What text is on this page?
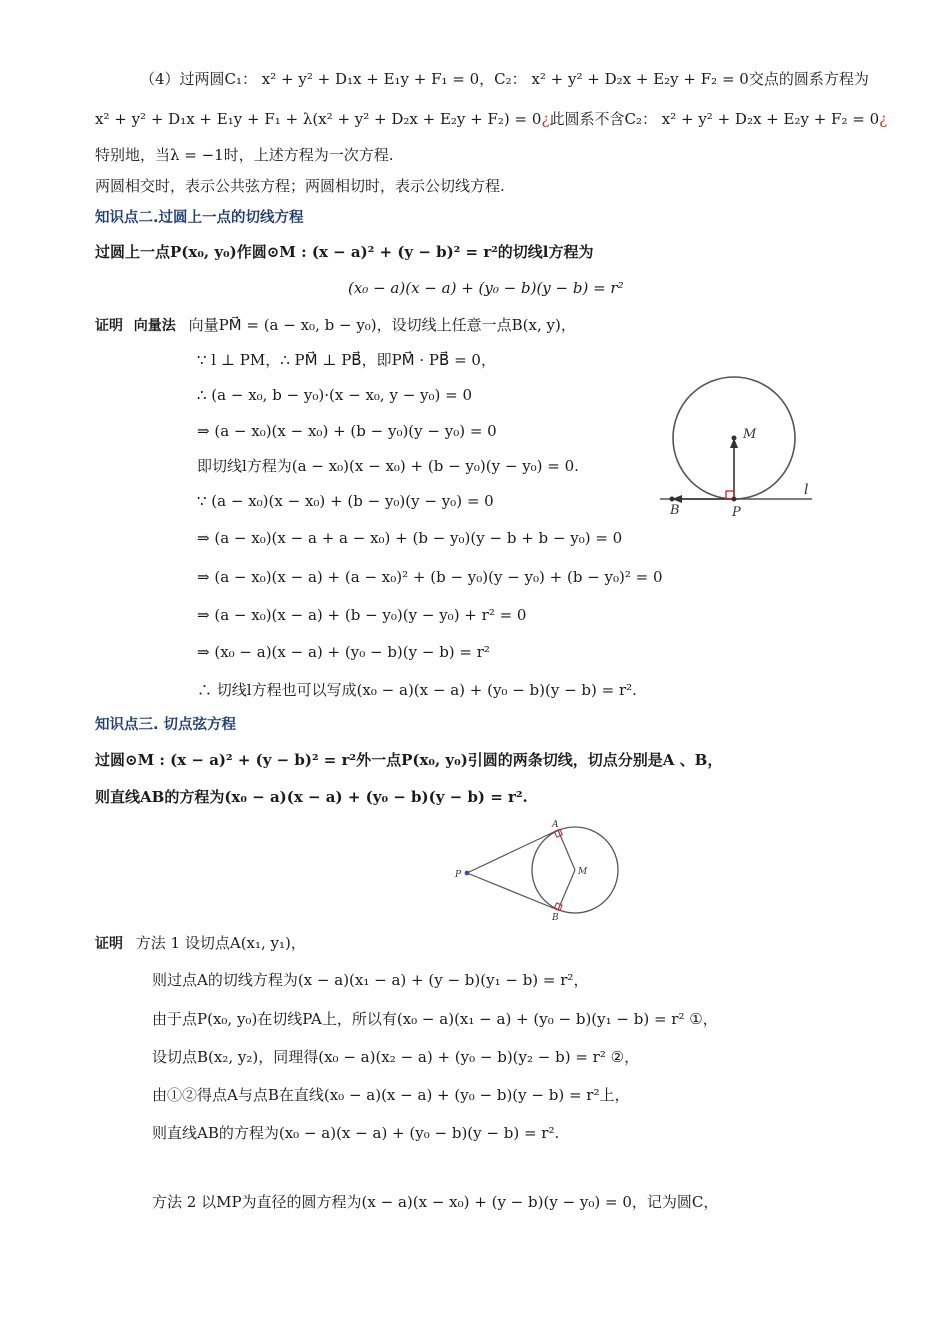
（4）过两圆C₁： x² + y² + D₁x + E₁y + F₁ = 0，C₂： x² + y² + D₂x + E₂y + F₂ = 0交点的圆系方程为
x² + y² + D₁x + E₁y + F₁ + λ(x² + y² + D₂x + E₂y + F₂) = 0¿此圆系不含C₂： x² + y² + D₂x + E₂y + F₂ = 0¿
特别地，当λ = −1时，上述方程为一次方程.
两圆相交时，表示公共弦方程；两圆相切时，表示公切线方程.
知识点二.过圆上一点的切线方程
过圆上一点P(x₀, y₀)作圆⊙M : (x − a)² + (y − b)² = r²的切线l方程为
(x₀ − a)(x − a) + (y₀ − b)(y − b) = r²
证明 向量法 向量PM⃗ = (a − x₀, b − y₀)，设切线上任意一点B(x, y)，
∵ l ⊥ PM，∴ PM⃗ ⊥ PB⃗，即PM⃗ · PB⃗ = 0，
∴ (a − x₀, b − y₀)·(x − x₀, y − y₀) = 0
⇒ (a − x₀)(x − x₀) + (b − y₀)(y − y₀) = 0
即切线l方程为(a − x₀)(x − x₀) + (b − y₀)(y − y₀) = 0.
∵ (a − x₀)(x − x₀) + (b − y₀)(y − y₀) = 0
⇒ (a − x₀)(x − a + a − x₀) + (b − y₀)(y − b + b − y₀) = 0
⇒ (a − x₀)(x − a) + (a − x₀)² + (b − y₀)(y − y₀) + (b − y₀)² = 0
⇒ (a − x₀)(x − a) + (b − y₀)(y − y₀) + r² = 0
⇒ (x₀ − a)(x − a) + (y₀ − b)(y − b) = r²
∴ 切线l方程也可以写成(x₀ − a)(x − a) + (y₀ − b)(y − b) = r².
M
P
B
l
知识点三. 切点弦方程
过圆⊙M : (x − a)² + (y − b)² = r²外一点P(x₀, y₀)引圆的两条切线，切点分别是A 、B，
则直线AB的方程为(x₀ − a)(x − a) + (y₀ − b)(y − b) = r².
P	M
A
B
证明 方法 1 设切点A(x₁, y₁)，
则过点A的切线方程为(x − a)(x₁ − a) + (y − b)(y₁ − b) = r²，
由于点P(x₀, y₀)在切线PA上，所以有(x₀ − a)(x₁ − a) + (y₀ − b)(y₁ − b) = r² ①，
设切点B(x₂, y₂)，同理得(x₀ − a)(x₂ − a) + (y₀ − b)(y₂ − b) = r² ②，
由①②得点A与点B在直线(x₀ − a)(x − a) + (y₀ − b)(y − b) = r²上，
则直线AB的方程为(x₀ − a)(x − a) + (y₀ − b)(y − b) = r².
方法 2 以MP为直径的圆方程为(x − a)(x − x₀) + (y − b)(y − y₀) = 0，记为圆C，
